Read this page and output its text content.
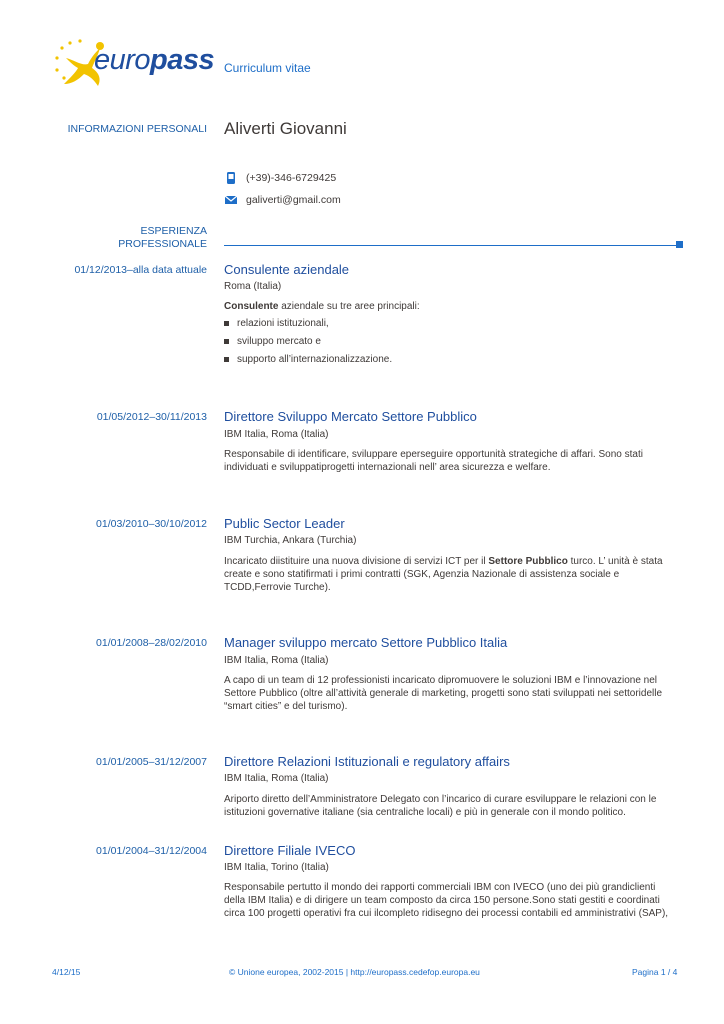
europass Curriculum vitae
INFORMAZIONI PERSONALI Aliverti Giovanni
(+39)-346-6729425
galiverti@gmail.com
ESPERIENZA
PROFESSIONALE
01/12/2013–alla data attuale Consulente aziendale
Roma (Italia)
Consulente aziendale su tre aree principali:
relazioni istituzionali,
sviluppo mercato e
supporto all’internazionalizzazione.
01/05/2012–30/11/2013 Direttore Sviluppo Mercato Settore Pubblico
IBM Italia, Roma (Italia)
Responsabile di identificare, sviluppare eperseguire opportunità strategiche di affari. Sono stati individuati e sviluppatiprogetti internazionali nell’ area sicurezza e welfare.
01/03/2010–30/10/2012 Public Sector Leader
IBM Turchia, Ankara (Turchia)
Incaricato diistituire una nuova divisione di servizi ICT per il Settore Pubblico turco. L’ unità è stata create e sono statifirmati i primi contratti (SGK, Agenzia Nazionale di assistenza sociale e TCDD,Ferrovie Turche).
01/01/2008–28/02/2010 Manager sviluppo mercato Settore Pubblico Italia
IBM Italia, Roma (Italia)
A capo di un team di 12 professionisti incaricato dipromuovere le soluzioni IBM e l’innovazione nel Settore Pubblico (oltre all’attività generale di marketing, progetti sono stati sviluppati nei settoridelle “smart cities” e del turismo).
01/01/2005–31/12/2007 Direttore Relazioni Istituzionali e regulatory affairs
IBM Italia, Roma (Italia)
Ariporto diretto dell’Amministratore Delegato con l’incarico di curare esviluppare le relazioni con le istituzioni governative italiane (sia centraliche locali) e più in generale con il mondo politico.
01/01/2004–31/12/2004 Direttore Filiale IVECO
IBM Italia, Torino (Italia)
Responsabile pertutto il mondo dei rapporti commerciali IBM con IVECO (uno dei più grandiclienti della IBM Italia) e di dirigere un team composto da circa 150 persone.Sono stati gestiti e coordinati circa 100 progetti operativi fra cui ilcompleto ridisegno dei processi contabili ed amministrativi (SAP),
4/12/15	© Unione europea, 2002-2015 | http://europass.cedefop.europa.eu	Pagina 1 / 4
